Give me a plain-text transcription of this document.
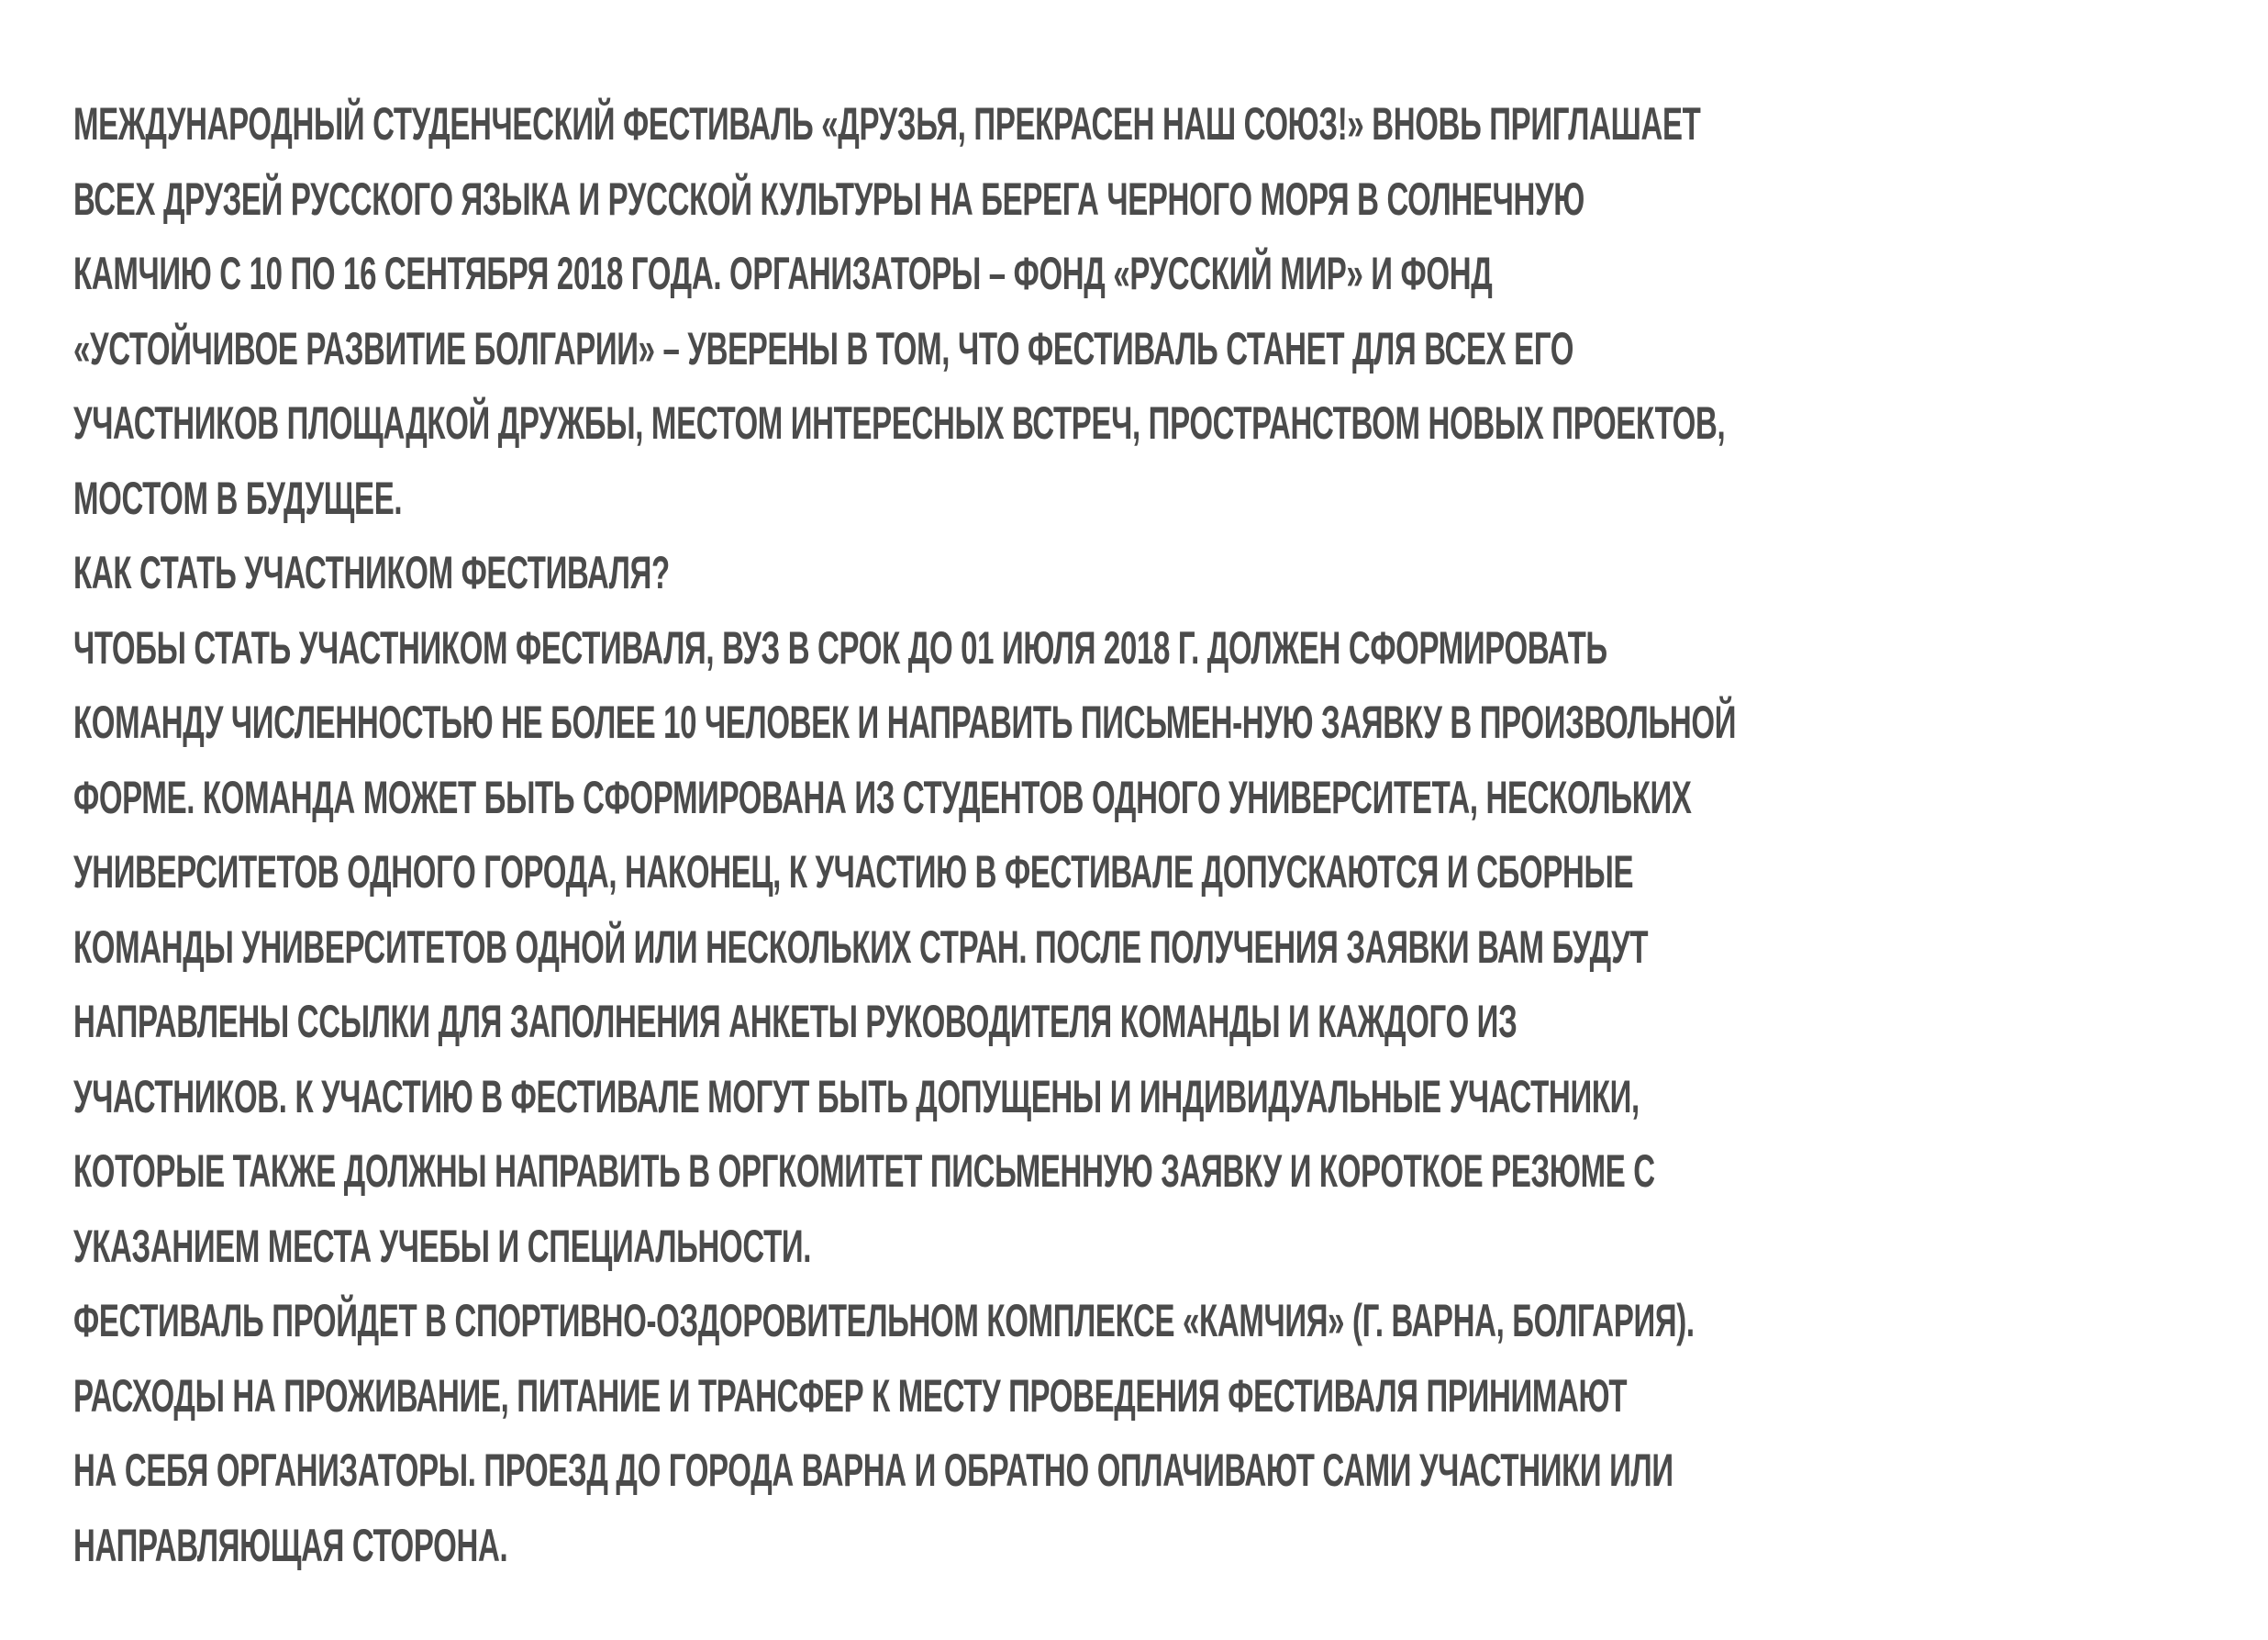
МЕЖДУНАРОДНЫЙ СТУДЕНЧЕСКИЙ ФЕСТИВАЛЬ «ДРУЗЬЯ, ПРЕКРАСЕН НАШ СОЮЗ!» ВНОВЬ ПРИГЛАШАЕТ
ВСЕХ ДРУЗЕЙ РУССКОГО ЯЗЫКА И РУССКОЙ КУЛЬТУРЫ НА БЕРЕГА ЧЕРНОГО МОРЯ В СОЛНЕЧНУЮ
КАМЧИЮ С 10 ПО 16 СЕНТЯБРЯ 2018 ГОДА. ОРГАНИЗАТОРЫ – ФОНД «РУССКИЙ МИР» И ФОНД
«УСТОЙЧИВОЕ РАЗВИТИЕ БОЛГАРИИ» – УВЕРЕНЫ В ТОМ, ЧТО ФЕСТИВАЛЬ СТАНЕТ ДЛЯ ВСЕХ ЕГО
УЧАСТНИКОВ ПЛОЩАДКОЙ ДРУЖБЫ, МЕСТОМ ИНТЕРЕСНЫХ ВСТРЕЧ, ПРОСТРАНСТВОМ НОВЫХ ПРОЕКТОВ,
МОСТОМ В БУДУЩЕЕ.
КАК СТАТЬ УЧАСТНИКОМ ФЕСТИВАЛЯ?
ЧТОБЫ СТАТЬ УЧАСТНИКОМ ФЕСТИВАЛЯ, ВУЗ В СРОК ДО 01 ИЮЛЯ 2018 Г. ДОЛЖЕН СФОРМИРОВАТЬ
КОМАНДУ ЧИСЛЕННОСТЬЮ НЕ БОЛЕЕ 10 ЧЕЛОВЕК И НАПРАВИТЬ ПИСЬМЕН-НУЮ ЗАЯВКУ В ПРОИЗВОЛЬНОЙ
ФОРМЕ. КОМАНДА МОЖЕТ БЫТЬ СФОРМИРОВАНА ИЗ СТУДЕНТОВ ОДНОГО УНИВЕРСИТЕТА, НЕСКОЛЬКИХ
УНИВЕРСИТЕТОВ ОДНОГО ГОРОДА, НАКОНЕЦ, К УЧАСТИЮ В ФЕСТИВАЛЕ ДОПУСКАЮТСЯ И СБОРНЫЕ
КОМАНДЫ УНИВЕРСИТЕТОВ ОДНОЙ ИЛИ НЕСКОЛЬКИХ СТРАН. ПОСЛЕ ПОЛУЧЕНИЯ ЗАЯВКИ ВАМ БУДУТ
НАПРАВЛЕНЫ ССЫЛКИ ДЛЯ ЗАПОЛНЕНИЯ АНКЕТЫ РУКОВОДИТЕЛЯ КОМАНДЫ И КАЖДОГО ИЗ
УЧАСТНИКОВ. К УЧАСТИЮ В ФЕСТИВАЛЕ МОГУТ БЫТЬ ДОПУЩЕНЫ И ИНДИВИДУАЛЬНЫЕ УЧАСТНИКИ,
КОТОРЫЕ ТАКЖЕ ДОЛЖНЫ НАПРАВИТЬ В ОРГКОМИТЕТ ПИСЬМЕННУЮ ЗАЯВКУ И КОРОТКОЕ РЕЗЮМЕ С
УКАЗАНИЕМ МЕСТА УЧЕБЫ И СПЕЦИАЛЬНОСТИ.
ФЕСТИВАЛЬ ПРОЙДЕТ В СПОРТИВНО-ОЗДОРОВИТЕЛЬНОМ КОМПЛЕКСЕ «КАМЧИЯ» (Г. ВАРНА, БОЛГАРИЯ).
РАСХОДЫ НА ПРОЖИВАНИЕ, ПИТАНИЕ И ТРАНСФЕР К МЕСТУ ПРОВЕДЕНИЯ ФЕСТИВАЛЯ ПРИНИМАЮТ
НА СЕБЯ ОРГАНИЗАТОРЫ. ПРОЕЗД ДО ГОРОДА ВАРНА И ОБРАТНО ОПЛАЧИВАЮТ САМИ УЧАСТНИКИ ИЛИ
НАПРАВЛЯЮЩАЯ СТОРОНА.
